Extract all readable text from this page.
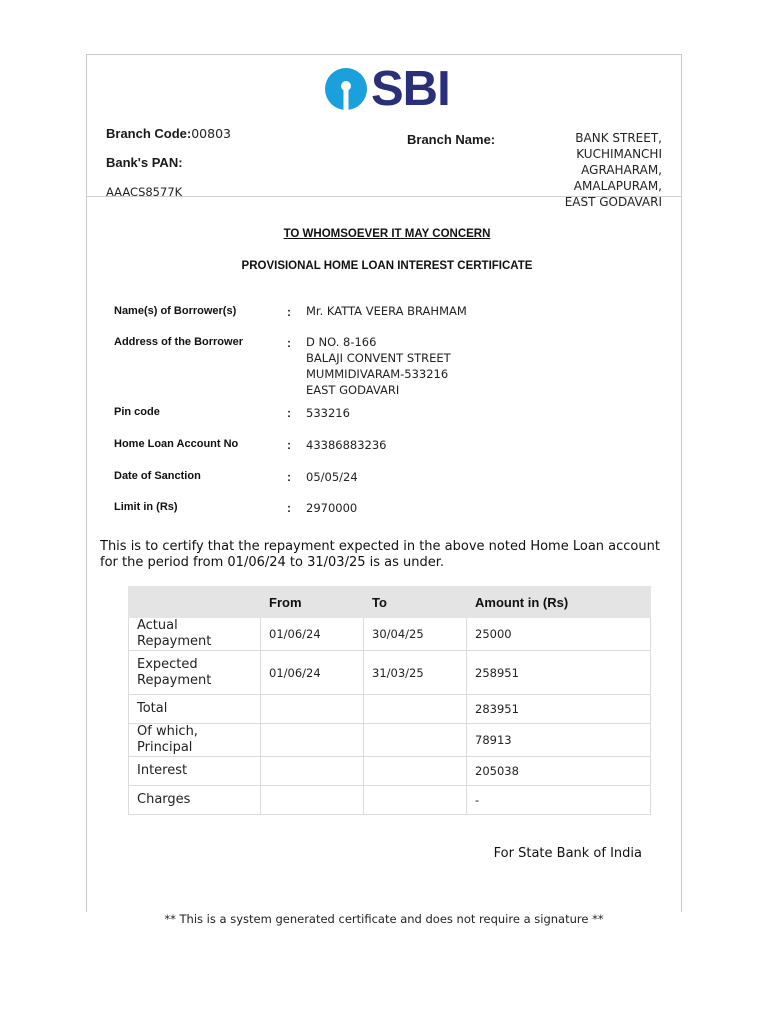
SBI
Branch Code:00803
Bank's PAN:
AAACS8577K
Branch Name:	BANK STREET, KUCHIMANCHI
AGRAHARAM, AMALAPURAM,
EAST GODAVARI
TO WHOMSOEVER IT MAY CONCERN
PROVISIONAL HOME LOAN INTEREST CERTIFICATE
Name(s) of Borrower(s)	: Mr. KATTA VEERA BRAHMAM
Address of the Borrower	: D NO. 8-166
BALAJI CONVENT STREET
MUMMIDIVARAM-533216
EAST GODAVARI
Pin code	: 533216
Home Loan Account No	: 43386883236
Date of Sanction	: 05/05/24
Limit in (Rs)	: 2970000
This is to certify that the repayment expected in the above noted Home Loan account for the period from 01/06/24 to 31/03/25 is as under.
	From	To	Amount in (Rs)
Actual Repayment	01/06/24	30/04/25	25000
Expected Repayment	01/06/24	31/03/25	258951
Total			283951
Of which, Principal			78913
Interest			205038
Charges			-
For State Bank of India
** This is a system generated certificate and does not require a signature **
